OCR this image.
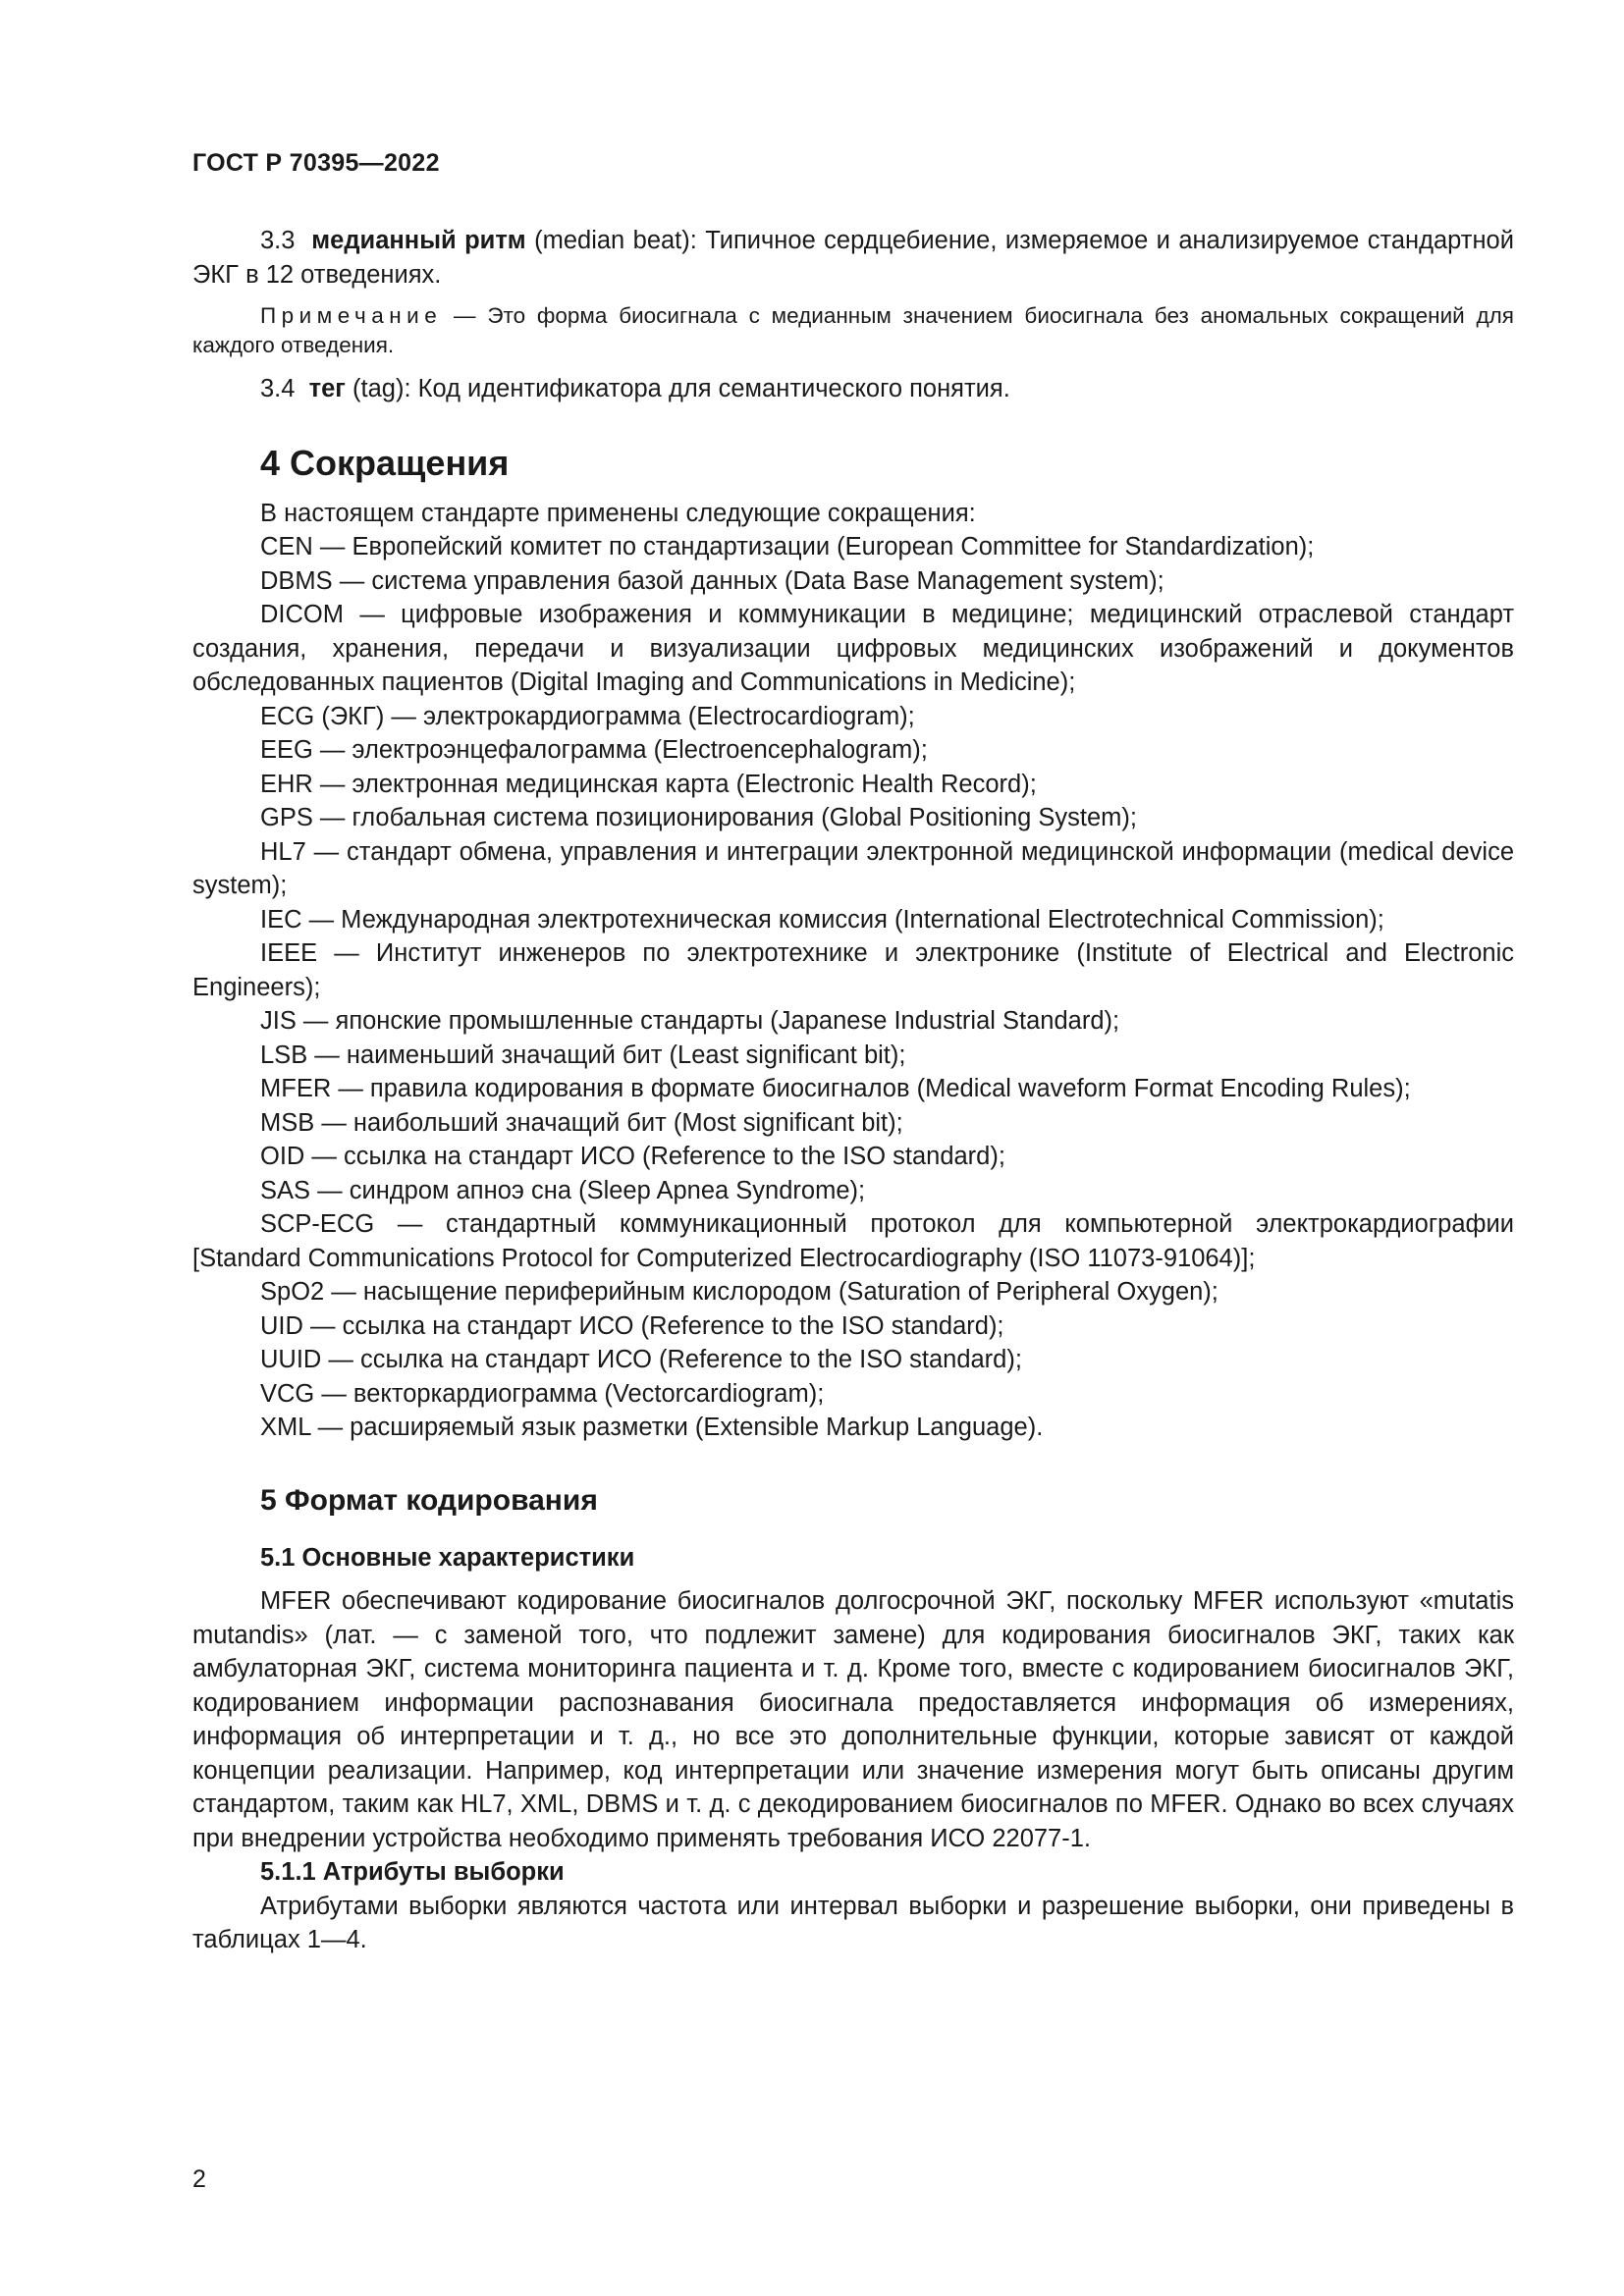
ГОСТ Р 70395—2022

3.3 медианный ритм (median beat): Типичное сердцебиение, измеряемое и анализируемое стандартной ЭКГ в 12 отведениях.

Примечание — Это форма биосигнала с медианным значением биосигнала без аномальных сокращений для каждого отведения.

3.4 тег (tag): Код идентификатора для семантического понятия.

4 Сокращения

В настоящем стандарте применены следующие сокращения:

CEN — Европейский комитет по стандартизации (European Committee for Standardization);

DBMS — система управления базой данных (Data Base Management system);

DICOM — цифровые изображения и коммуникации в медицине; медицинский отраслевой стандарт создания, хранения, передачи и визуализации цифровых медицинских изображений и документов обследованных пациентов (Digital Imaging and Communications in Medicine);

ECG (ЭКГ) — электрокардиограмма (Electrocardiogram);

EEG — электроэнцефалограмма (Electroencephalogram);

EHR — электронная медицинская карта (Electronic Health Record);

GPS — глобальная система позиционирования (Global Positioning System);

HL7 — стандарт обмена, управления и интеграции электронной медицинской информации (medical device system);

IEC — Международная электротехническая комиссия (International Electrotechnical Commission);

IEEE — Институт инженеров по электротехнике и электронике (Institute of Electrical and Electronic Engineers);

JIS — японские промышленные стандарты (Japanese Industrial Standard);

LSB — наименьший значащий бит (Least significant bit);

MFER — правила кодирования в формате биосигналов (Medical waveform Format Encoding Rules);

MSB — наибольший значащий бит (Most significant bit);

OID — ссылка на стандарт ИСО (Reference to the ISO standard);

SAS — синдром апноэ сна (Sleep Apnea Syndrome);

SCP-ECG — стандартный коммуникационный протокол для компьютерной электрокардиографии [Standard Communications Protocol for Computerized Electrocardiography (ISO 11073-91064)];

SpO2 — насыщение периферийным кислородом (Saturation of Peripheral Oxygen);

UID — ссылка на стандарт ИСО (Reference to the ISO standard);

UUID — ссылка на стандарт ИСО (Reference to the ISO standard);

VCG — векторкардиограмма (Vectorcardiogram);

XML — расширяемый язык разметки (Extensible Markup Language).

5 Формат кодирования
5.1 Основные характеристики

MFER обеспечивают кодирование биосигналов долгосрочной ЭКГ, поскольку MFER используют «mutatis mutandis» (лат. — с заменой того, что подлежит замене) для кодирования биосигналов ЭКГ, таких как амбулаторная ЭКГ, система мониторинга пациента и т. д. Кроме того, вместе с кодированием биосигналов ЭКГ, кодированием информации распознавания биосигнала предоставляется информация об измерениях, информация об интерпретации и т. д., но все это дополнительные функции, которые зависят от каждой концепции реализации. Например, код интерпретации или значение измерения могут быть описаны другим стандартом, таким как HL7, XML, DBMS и т. д. с декодированием биосигналов по MFER. Однако во всех случаях при внедрении устройства необходимо применять требования ИСО 22077-1.

5.1.1 Атрибуты выборки

Атрибутами выборки являются частота или интервал выборки и разрешение выборки, они приведены в таблицах 1—4.

2
